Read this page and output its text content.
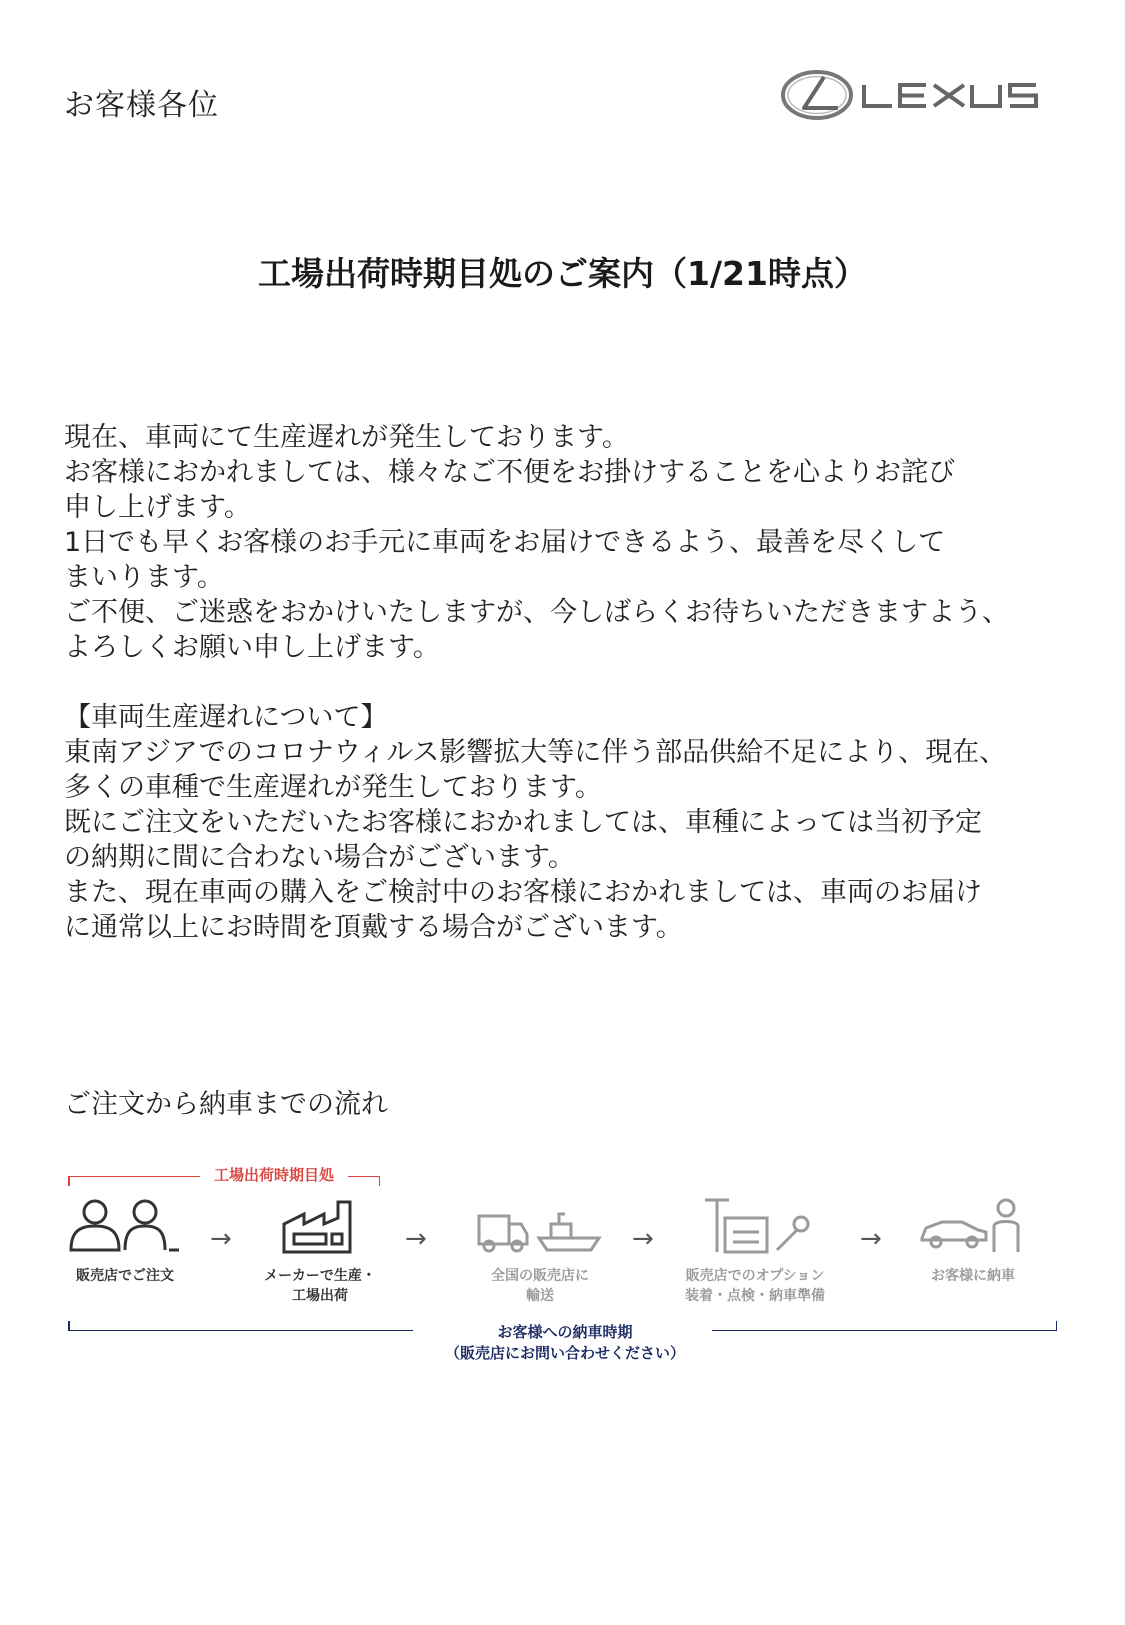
お客様各位
工場出荷時期目処のご案内（1/21時点）
現在、車両にて生産遅れが発生しております。
お客様におかれましては、様々なご不便をお掛けすることを心よりお詫び
申し上げます。
1日でも早くお客様のお手元に車両をお届けできるよう、最善を尽くして
まいります。
ご不便、ご迷惑をおかけいたしますが、今しばらくお待ちいただきますよう、
よろしくお願い申し上げます。
【車両生産遅れについて】
東南アジアでのコロナウィルス影響拡大等に伴う部品供給不足により、現在、
多くの車種で生産遅れが発生しております。
既にご注文をいただいたお客様におかれましては、車種によっては当初予定
の納期に間に合わない場合がございます。
また、現在車両の購入をご検討中のお客様におかれましては、車両のお届け
に通常以上にお時間を頂戴する場合がございます。
ご注文から納車までの流れ
工場出荷時期目処
販売店でご注文
→
メーカーで生産・
工場出荷
→
全国の販売店に
輸送
→
販売店でのオプション
装着・点検・納車準備
→
お客様に納車
お客様への納車時期
（販売店にお問い合わせください）
